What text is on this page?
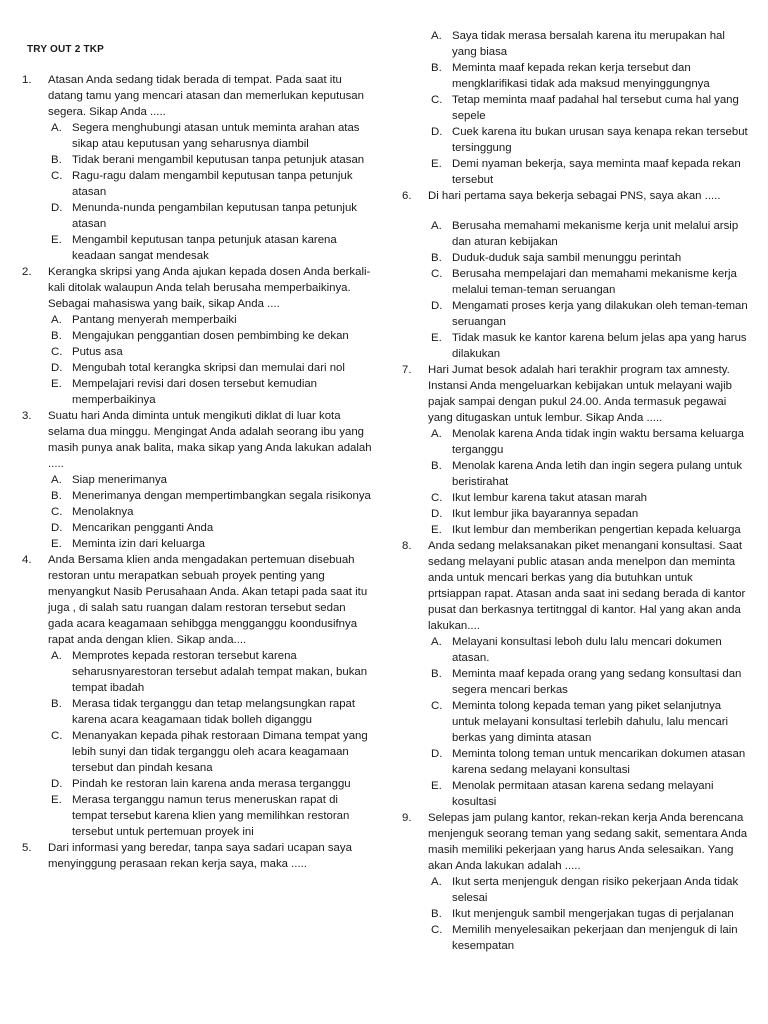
TRY OUT 2 TKP
1. Atasan Anda sedang tidak berada di tempat. Pada saat itu datang tamu yang mencari atasan dan memerlukan keputusan segera. Sikap Anda .....
A. Segera menghubungi atasan untuk meminta arahan atas sikap atau keputusan yang seharusnya diambil
B. Tidak berani mengambil keputusan tanpa petunjuk atasan
C. Ragu-ragu dalam mengambil keputusan tanpa petunjuk atasan
D. Menunda-nunda pengambilan keputusan tanpa petunjuk atasan
E. Mengambil keputusan tanpa petunjuk atasan karena keadaan sangat mendesak
2. Kerangka skripsi yang Anda ajukan kepada dosen Anda berkali-kali ditolak walaupun Anda telah berusaha memperbaikinya. Sebagai mahasiswa yang baik, sikap Anda ....
A. Pantang menyerah memperbaiki
B. Mengajukan penggantian dosen pembimbing ke dekan
C. Putus asa
D. Mengubah total kerangka skripsi dan memulai dari nol
E. Mempelajari revisi dari dosen tersebut kemudian memperbaikinya
3. Suatu hari Anda diminta untuk mengikuti diklat di luar kota selama dua minggu. Mengingat Anda adalah seorang ibu yang masih punya anak balita, maka sikap yang Anda lakukan adalah .....
A. Siap menerimanya
B. Menerimanya dengan mempertimbangkan segala risikonya
C. Menolaknya
D. Mencarikan pengganti Anda
E. Meminta izin dari keluarga
4. Anda Bersama klien anda mengadakan pertemuan disebuah restoran untu merapatkan sebuah proyek penting yang menyangkut Nasib Perusahaan Anda. Akan tetapi pada saat itu juga , di salah satu ruangan dalam restoran tersebut sedan gada acara keagamaan sehibgga mengganggu koondusifnya rapat anda dengan klien. Sikap anda....
A. Memprotes kepada restoran tersebut karena seharusnyarestoran tersebut adalah tempat makan, bukan tempat ibadah
B. Merasa tidak terganggu dan tetap melangsungkan rapat karena acara keagamaan tidak bolleh diganggu
C. Menanyakan kepada pihak restoraan Dimana tempat yang lebih sunyi dan tidak terganggu oleh acara keagamaan tersebut dan pindah kesana
D. Pindah ke restoran lain karena anda merasa terganggu
E. Merasa terganggu namun terus meneruskan rapat di tempat tersebut karena klien yang memilihkan restoran tersebut untuk pertemuan proyek ini
5. Dari informasi yang beredar, tanpa saya sadari ucapan saya menyinggung perasaan rekan kerja saya, maka .....
A. Saya tidak merasa bersalah karena itu merupakan hal yang biasa
B. Meminta maaf kepada rekan kerja tersebut dan mengklarifikasi tidak ada maksud menyinggungnya
C. Tetap meminta maaf padahal hal tersebut cuma hal yang sepele
D. Cuek karena itu bukan urusan saya kenapa rekan tersebut tersinggung
E. Demi nyaman bekerja, saya meminta maaf kepada rekan tersebut
6. Di hari pertama saya bekerja sebagai PNS, saya akan .....
A. Berusaha memahami mekanisme kerja unit melalui arsip dan aturan kebijakan
B. Duduk-duduk saja sambil menunggu perintah
C. Berusaha mempelajari dan memahami mekanisme kerja melalui teman-teman seruangan
D. Mengamati proses kerja yang dilakukan oleh teman-teman seruangan
E. Tidak masuk ke kantor karena belum jelas apa yang harus dilakukan
7. Hari Jumat besok adalah hari terakhir program tax amnesty. Instansi Anda mengeluarkan kebijakan untuk melayani wajib pajak sampai dengan pukul 24.00. Anda termasuk pegawai yang ditugaskan untuk lembur. Sikap Anda .....
A. Menolak karena Anda tidak ingin waktu bersama keluarga terganggu
B. Menolak karena Anda letih dan ingin segera pulang untuk beristirahat
C. Ikut lembur karena takut atasan marah
D. Ikut lembur jika bayarannya sepadan
E. Ikut lembur dan memberikan pengertian kepada keluarga
8. Anda sedang melaksanakan piket menangani konsultasi. Saat sedang melayani public atasan anda menelpon dan meminta anda untuk mencari berkas yang dia butuhkan untuk prtsiappan rapat. Atasan anda saat ini sedang berada di kantor pusat dan berkasnya tertitnggal di kantor. Hal yang akan anda lakukan....
A. Melayani konsultasi leboh dulu lalu mencari dokumen atasan.
B. Meminta maaf kepada orang yang sedang konsultasi dan segera mencari berkas
C. Meminta tolong kepada teman yang piket selanjutnya untuk melayani konsultasi terlebih dahulu, lalu mencari berkas yang diminta atasan
D. Meminta tolong teman untuk mencarikan dokumen atasan karena sedang melayani konsultasi
E. Menolak permitaan atasan karena sedang melayani kosultasi
9. Selepas jam pulang kantor, rekan-rekan kerja Anda berencana menjenguk seorang teman yang sedang sakit, sementara Anda masih memiliki pekerjaan yang harus Anda selesaikan. Yang akan Anda lakukan adalah .....
A. Ikut serta menjenguk dengan risiko pekerjaan Anda tidak selesai
B. Ikut menjenguk sambil mengerjakan tugas di perjalanan
C. Memilih menyelesaikan pekerjaan dan menjenguk di lain kesempatan
